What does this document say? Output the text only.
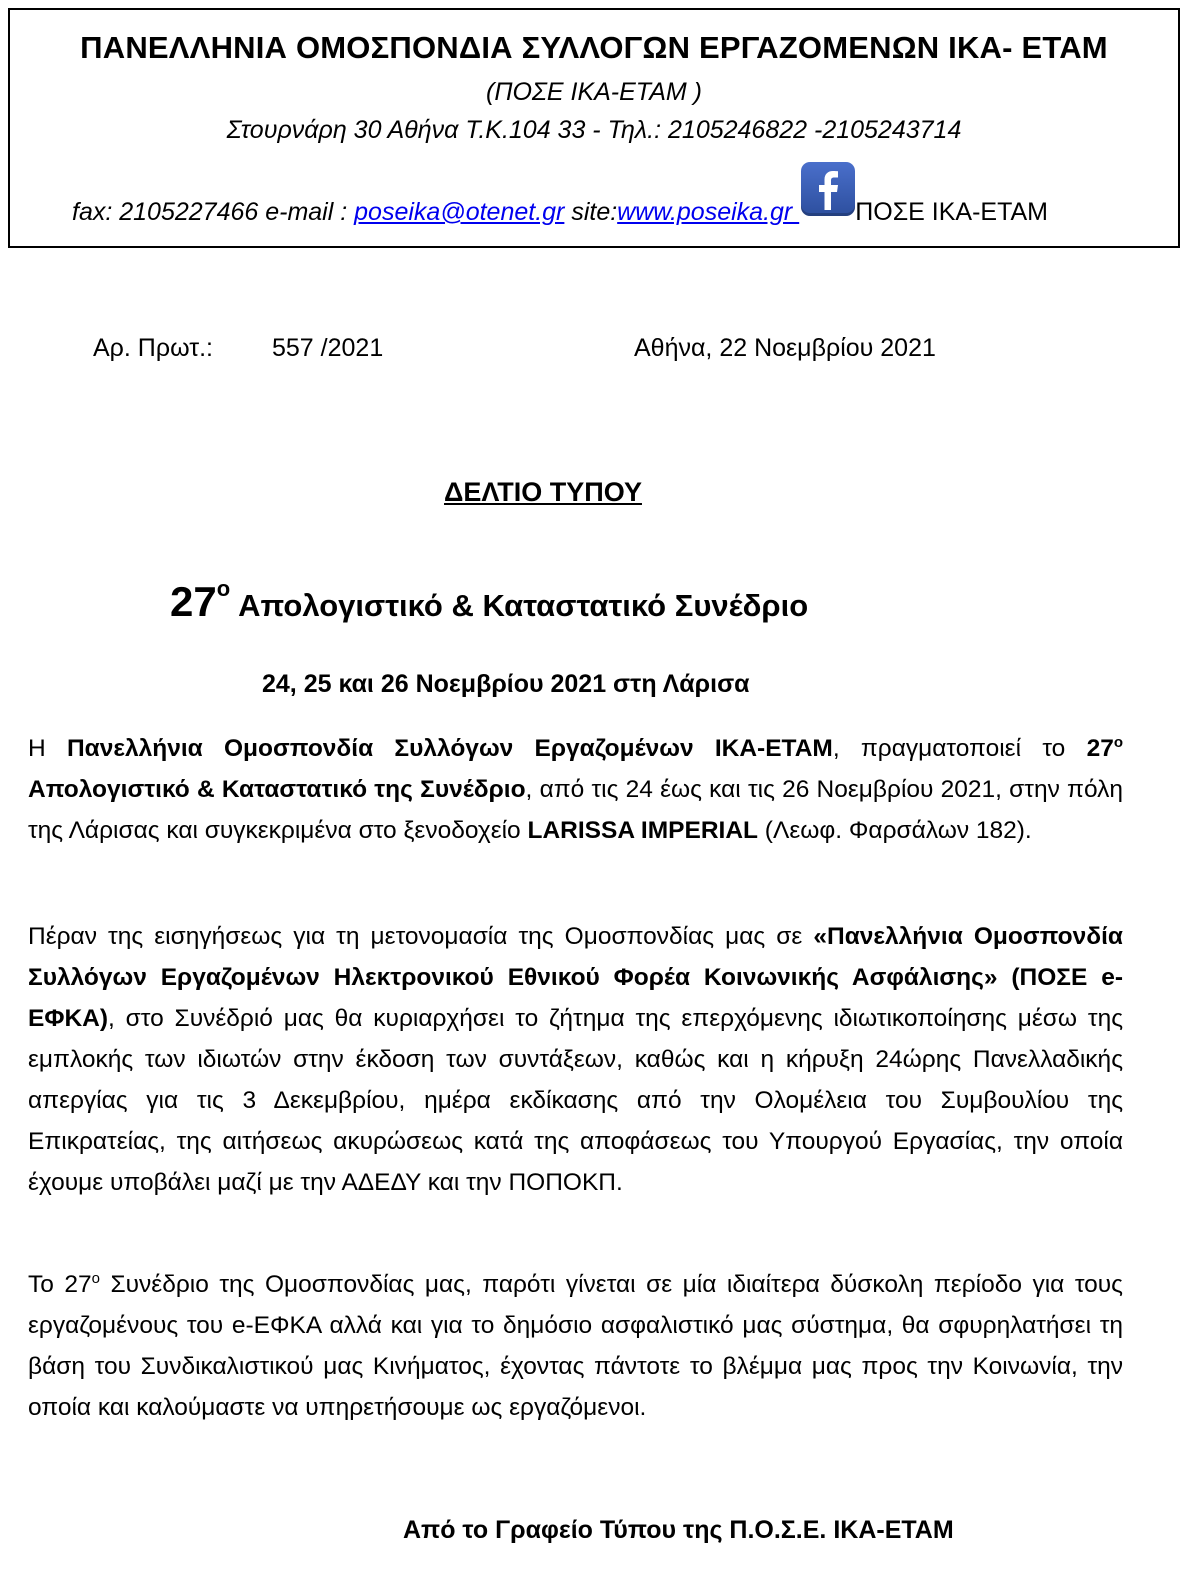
ΠΑΝΕΛΛΗΝΙΑ ΟΜΟΣΠΟΝΔΙΑ ΣΥΛΛΟΓΩΝ ΕΡΓΑΖΟΜΕΝΩΝ ΙΚΑ- ΕΤΑΜ
(ΠΟΣΕ ΙΚΑ-ΕΤΑΜ )
Στουρνάρη 30 Αθήνα Τ.Κ.104 33 - Τηλ.: 2105246822 -2105243714
fax: 2105227466 e-mail : poseika@otenet.gr site:www.poseika.gr
ΠΟΣΕ ΙΚΑ-ΕΤΑΜ
Αρ. Πρωτ.: 557 /2021	Αθήνα, 22 Νοεμβρίου 2021
ΔΕΛΤΙΟ ΤΥΠΟΥ
27ο Απολογιστικό & Καταστατικό Συνέδριο
24, 25 και 26 Νοεμβρίου 2021 στη Λάρισα

Η Πανελλήνια Ομοσπονδία Συλλόγων Εργαζομένων ΙΚΑ-ΕΤΑΜ, πραγματοποιεί το $27^o$ Απολογιστικό & Καταστατικό της Συνέδριο, από τις 24 έως και τις 26 Νοεμβρίου 2021, στην πόλη της Λάρισας και συγκεκριμένα στο ξενοδοχείο LARISSA IMPERIAL (Λεωφ. Φαρσάλων 182).

Πέραν της εισηγήσεως για τη μετονομασία της Ομοσπονδίας μας σε «Πανελλήνια Ομοσπονδία Συλλόγων Εργαζομένων Ηλεκτρονικού Εθνικού Φορέα Κοινωνικής Ασφάλισης» (ΠΟΣΕ e-ΕΦΚΑ), στο Συνέδριό μας θα κυριαρχήσει το ζήτημα της επερχόμενης ιδιωτικοποίησης μέσω της εμπλοκής των ιδιωτών στην έκδοση των συντάξεων, καθώς και η κήρυξη 24ώρης Πανελλαδικής απεργίας για τις 3 Δεκεμβρίου, ημέρα εκδίκασης από την Ολομέλεια του Συμβουλίου της Επικρατείας, της αιτήσεως ακυρώσεως κατά της αποφάσεως του Υπουργού Εργασίας, την οποία έχουμε υποβάλει μαζί με την ΑΔΕΔΥ και την ΠΟΠΟΚΠ.

Το $27^o$ Συνέδριο της Ομοσπονδίας μας, παρότι γίνεται σε μία ιδιαίτερα δύσκολη περίοδο για τους εργαζομένους του e-ΕΦΚΑ αλλά και για το δημόσιο ασφαλιστικό μας σύστημα, θα σφυρηλατήσει τη βάση του Συνδικαλιστικού μας Κινήματος, έχοντας πάντοτε το βλέμμα μας προς την Κοινωνία, την οποία και καλούμαστε να υπηρετήσουμε ως εργαζόμενοι.

Από το Γραφείο Τύπου της Π.Ο.Σ.Ε. ΙΚΑ-ΕΤΑΜ
